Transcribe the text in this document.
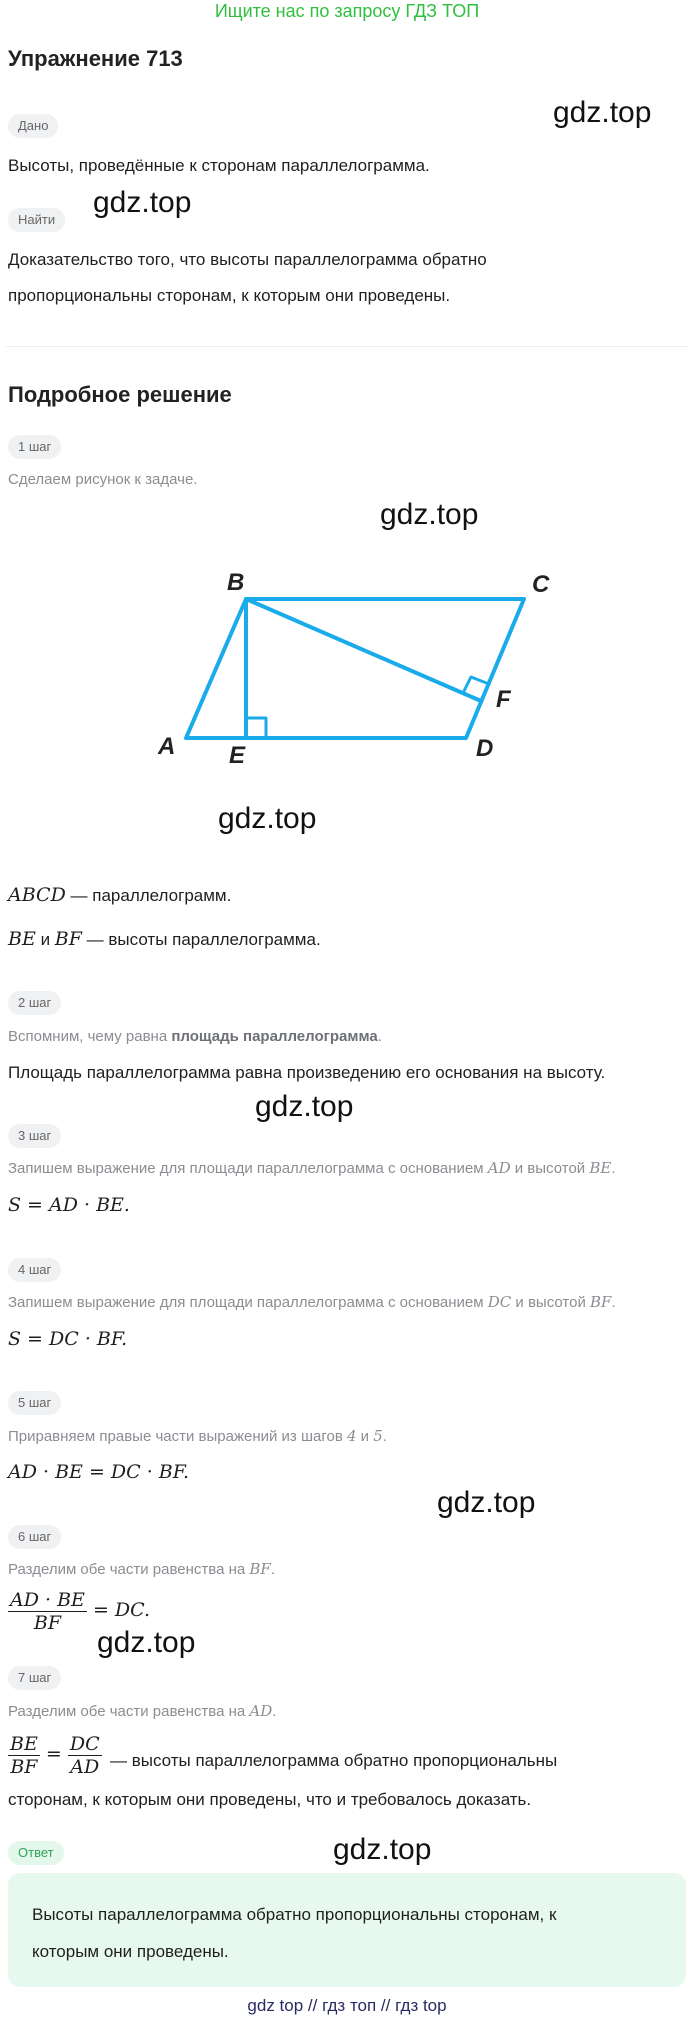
Ищите нас по запросу ГДЗ ТОП
Упражнение 713
Дано	gdz.top
Высоты, проведённые к сторонам параллелограмма.
Найти
gdz.top
Доказательство того, что высоты параллелограмма обратно
пропорциональны сторонам, к которым они проведены.
Подробное решение
1 шаг
Сделаем рисунок к задаче.
gdz.top
B	C
F
A E	D
gdz.top
ABCD — параллелограмм.
BE и BF — высоты параллелограмма.
2 шаг
Вспомним, чему равна площадь параллелограмма.
Площадь параллелограмма равна произведению его основания на высоту.
gdz.top
3 шаг
Запишем выражение для площади параллелограмма с основанием AD и высотой BE.
S = AD · BE.
4 шаг
Запишем выражение для площади параллелограмма с основанием DC и высотой BF.
S = DC · BF.
5 шаг
Приравняем правые части выражений из шагов 4 и 5.
AD · BE = DC · BF.
gdz.top
6 шаг
Разделим обе части равенства на BF.
$\frac{AD \cdot BE}{BF}$ = DC.
gdz.top
7 шаг
Разделим обе части равенства на AD.
$\frac{BE}{BF} = \frac{DC}{AD}$ — высоты параллелограмма обратно пропорциональны
сторонам, к которым они проведены, что и требовалось доказать.
Ответ	gdz.top
Высоты параллелограмма обратно пропорциональны сторонам, к
которым они проведены.
gdz top // гдз топ // гдз top
